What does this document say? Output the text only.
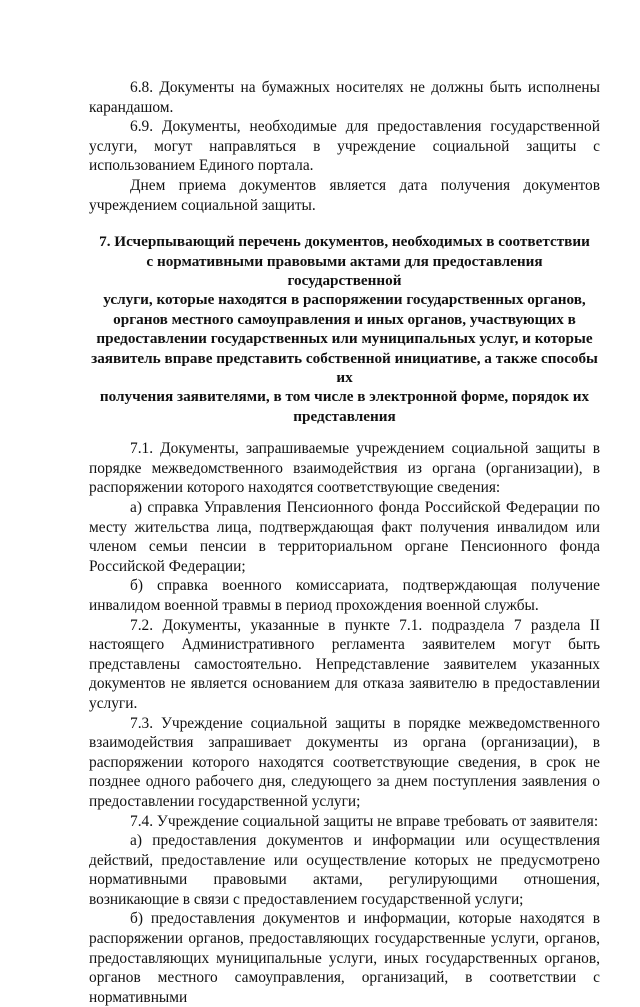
6.8. Документы на бумажных носителях не должны быть исполнены карандашом.

6.9. Документы, необходимые для предоставления государственной услуги, могут направляться в учреждение социальной защиты с использованием Единого портала.

Днем приема документов является дата получения документов учреждением социальной защиты.

7. Исчерпывающий перечень документов, необходимых в соответствии
с нормативными правовыми актами для предоставления государственной
услуги, которые находятся в распоряжении государственных органов,
органов местного самоуправления и иных органов, участвующих в
предоставлении государственных или муниципальных услуг, и которые
заявитель вправе представить собственной инициативе, а также способы их
получения заявителями, в том числе в электронной форме, порядок их
представления

7.1. Документы, запрашиваемые учреждением социальной защиты в порядке межведомственного взаимодействия из органа (организации), в распоряжении которого находятся соответствующие сведения:

а) справка Управления Пенсионного фонда Российской Федерации по месту жительства лица, подтверждающая факт получения инвалидом или членом семьи пенсии в территориальном органе Пенсионного фонда Российской Федерации;

б) справка военного комиссариата, подтверждающая получение инвалидом военной травмы в период прохождения военной службы.

7.2. Документы, указанные в пункте 7.1. подраздела 7 раздела II настоящего Административного регламента заявителем могут быть представлены самостоятельно. Непредставление заявителем указанных документов не является основанием для отказа заявителю в предоставлении услуги.

7.3. Учреждение социальной защиты в порядке межведомственного взаимодействия запрашивает документы из органа (организации), в распоряжении которого находятся соответствующие сведения, в срок не позднее одного рабочего дня, следующего за днем поступления заявления о предоставлении государственной услуги;

7.4. Учреждение социальной защиты не вправе требовать от заявителя:

а) предоставления документов и информации или осуществления действий, предоставление или осуществление которых не предусмотрено нормативными правовыми актами, регулирующими отношения, возникающие в связи с предоставлением государственной услуги;

б) предоставления документов и информации, которые находятся в распоряжении органов, предоставляющих государственные услуги, органов, предоставляющих муниципальные услуги, иных государственных органов, органов местного самоуправления, организаций, в соответствии с нормативными
